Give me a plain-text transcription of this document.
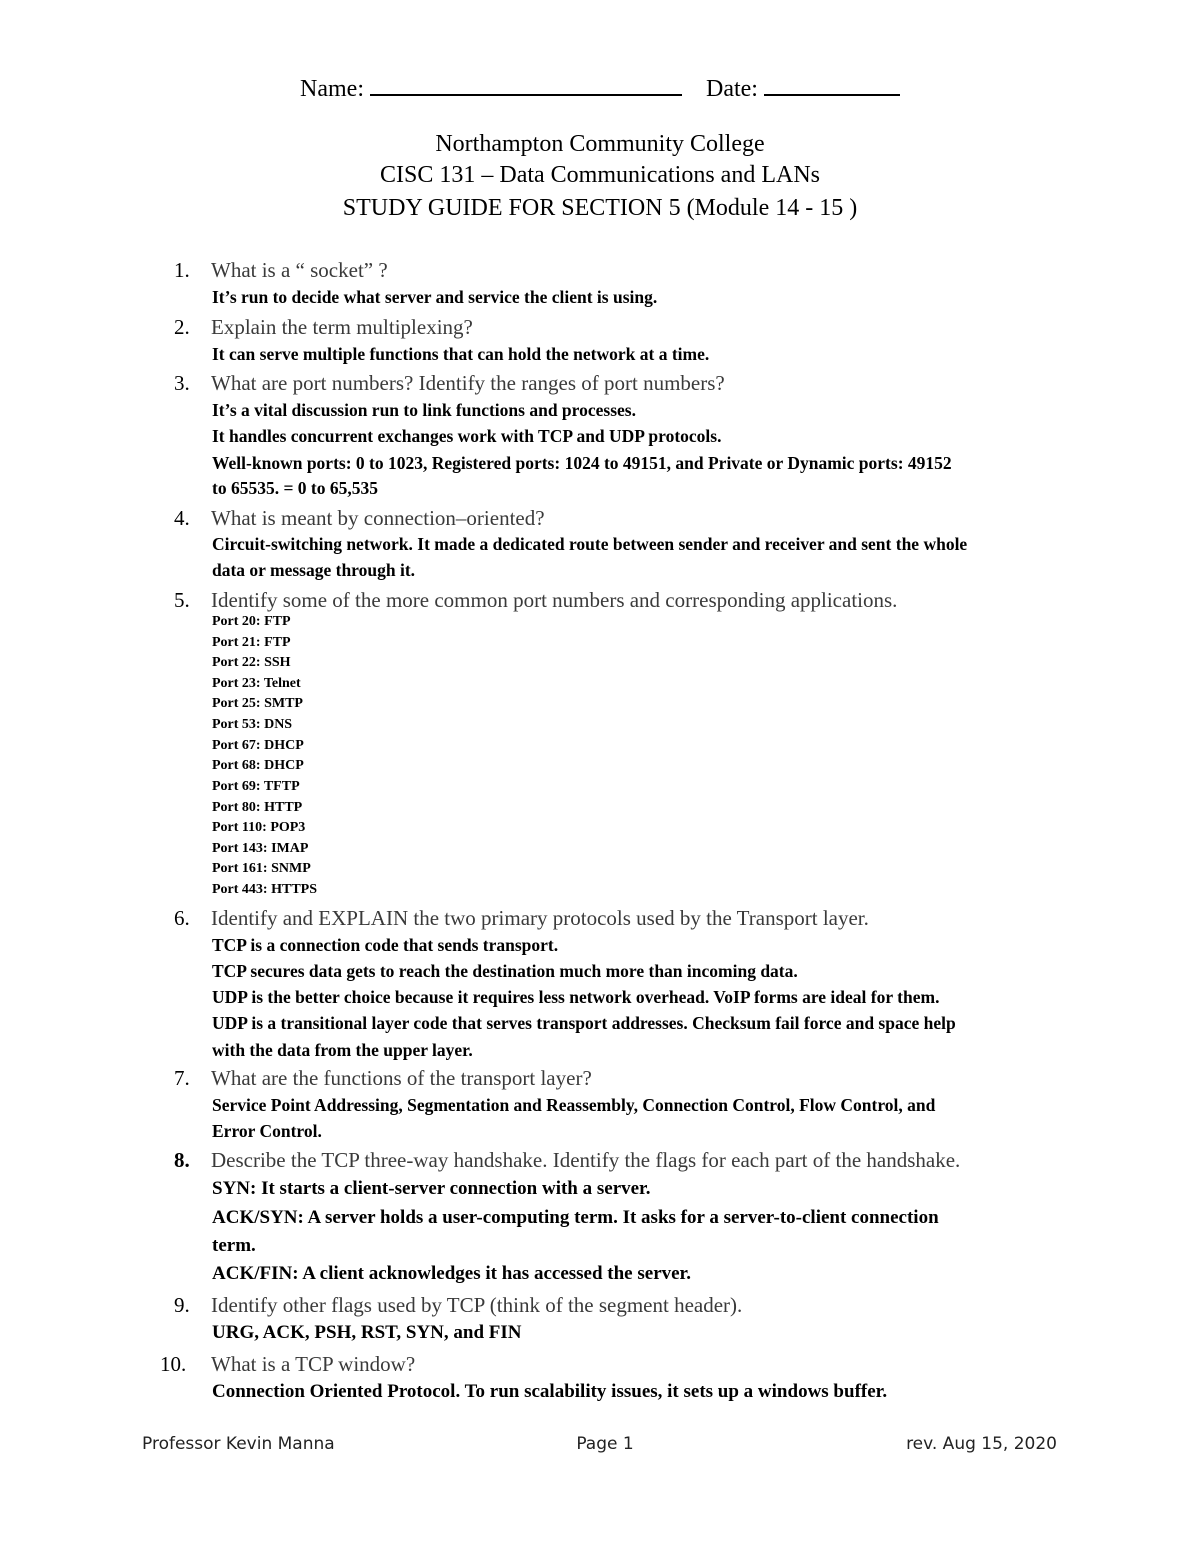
Name:	Date:
Northampton Community College
CISC 131 – Data Communications and LANs
STUDY GUIDE FOR SECTION 5 (Module 14 - 15 )
1.	What is a “ socket” ?
It’s run to decide what server and service the client is using.
2.	Explain the term multiplexing?
It can serve multiple functions that can hold the network at a time.
3.	What are port numbers? Identify the ranges of port numbers?
It’s a vital discussion run to link functions and processes.
It handles concurrent exchanges work with TCP and UDP protocols.
Well-known ports: 0 to 1023, Registered ports: 1024 to 49151, and Private or Dynamic ports: 49152
to 65535. = 0 to 65,535
4.	What is meant by connection–oriented?
Circuit-switching network. It made a dedicated route between sender and receiver and sent the whole
data or message through it.
5.	Identify some of the more common port numbers and corresponding applications.
Port 20: FTP
Port 21: FTP
Port 22: SSH
Port 23: Telnet
Port 25: SMTP
Port 53: DNS
Port 67: DHCP
Port 68: DHCP
Port 69: TFTP
Port 80: HTTP
Port 110: POP3
Port 143: IMAP
Port 161: SNMP
Port 443: HTTPS
6.	Identify and EXPLAIN the two primary protocols used by the Transport layer.
TCP is a connection code that sends transport.
TCP secures data gets to reach the destination much more than incoming data.
UDP is the better choice because it requires less network overhead. VoIP forms are ideal for them.
UDP is a transitional layer code that serves transport addresses. Checksum fail force and space help
with the data from the upper layer.
7.	What are the functions of the transport layer?
Service Point Addressing, Segmentation and Reassembly, Connection Control, Flow Control, and
Error Control.
8.	Describe the TCP three-way handshake. Identify the flags for each part of the handshake.
SYN: It starts a client-server connection with a server.
ACK/SYN: A server holds a user-computing term. It asks for a server-to-client connection
term.
ACK/FIN: A client acknowledges it has accessed the server.
9.	Identify other flags used by TCP (think of the segment header).
URG, ACK, PSH, RST, SYN, and FIN
10.	What is a TCP window?
Connection Oriented Protocol. To run scalability issues, it sets up a windows buffer.
Professor Kevin Manna	Page 1	rev. Aug 15, 2020
